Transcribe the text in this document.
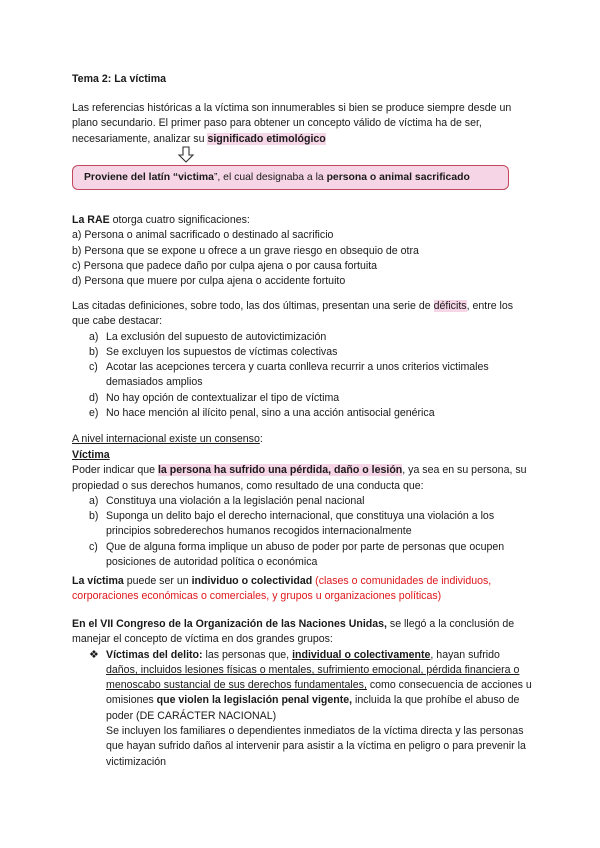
Tema 2: La víctima

Las referencias históricas a la víctima son innumerables si bien se produce siempre desde un plano secundario. El primer paso para obtener un concepto válido de víctima ha de ser, necesariamente, analizar su significado etimológico

Proviene del latín “victima”, el cual designaba a la persona o animal sacrificado

La RAE otorga cuatro significaciones:

a) Persona o animal sacrificado o destinado al sacrificio

b) Persona que se expone u ofrece a un grave riesgo en obsequio de otra

c) Persona que padece daño por culpa ajena o por causa fortuita

d) Persona que muere por culpa ajena o accidente fortuito

Las citadas definiciones, sobre todo, las dos últimas, presentan una serie de déficits, entre los que cabe destacar:

a) La exclusión del supuesto de autovictimización
b) Se excluyen los supuestos de víctimas colectivas
c) Acotar las acepciones tercera y cuarta conlleva recurrir a unos criterios victimales demasiados amplios
d) No hay opción de contextualizar el tipo de víctima
e) No hace mención al ilícito penal, sino a una acción antisocial genérica

A nivel internacional existe un consenso:

Víctima

Poder indicar que la persona ha sufrido una pérdida, daño o lesión, ya sea en su persona, su propiedad o sus derechos humanos, como resultado de una conducta que:

a) Constituya una violación a la legislación penal nacional
b) Suponga un delito bajo el derecho internacional, que constituya una violación a los principios sobrederechos humanos recogidos internacionalmente
c) Que de alguna forma implique un abuso de poder por parte de personas que ocupen posiciones de autoridad política o económica

La víctima puede ser un individuo o colectividad (clases o comunidades de individuos, corporaciones económicas o comerciales, y grupos u organizaciones políticas)

En el VII Congreso de la Organización de las Naciones Unidas, se llegó a la conclusión de manejar el concepto de víctima en dos grandes grupos:

❖ Víctimas del delito: las personas que, individual o colectivamente, hayan sufrido daños, incluidos lesiones físicas o mentales, sufrimiento emocional, pérdida financiera o menoscabo sustancial de sus derechos fundamentales, como consecuencia de acciones u omisiones que violen la legislación penal vigente, incluida la que prohíbe el abuso de poder (DE CARÁCTER NACIONAL)

Se incluyen los familiares o dependientes inmediatos de la víctima directa y las personas que hayan sufrido daños al intervenir para asistir a la víctima en peligro o para prevenir la victimización
